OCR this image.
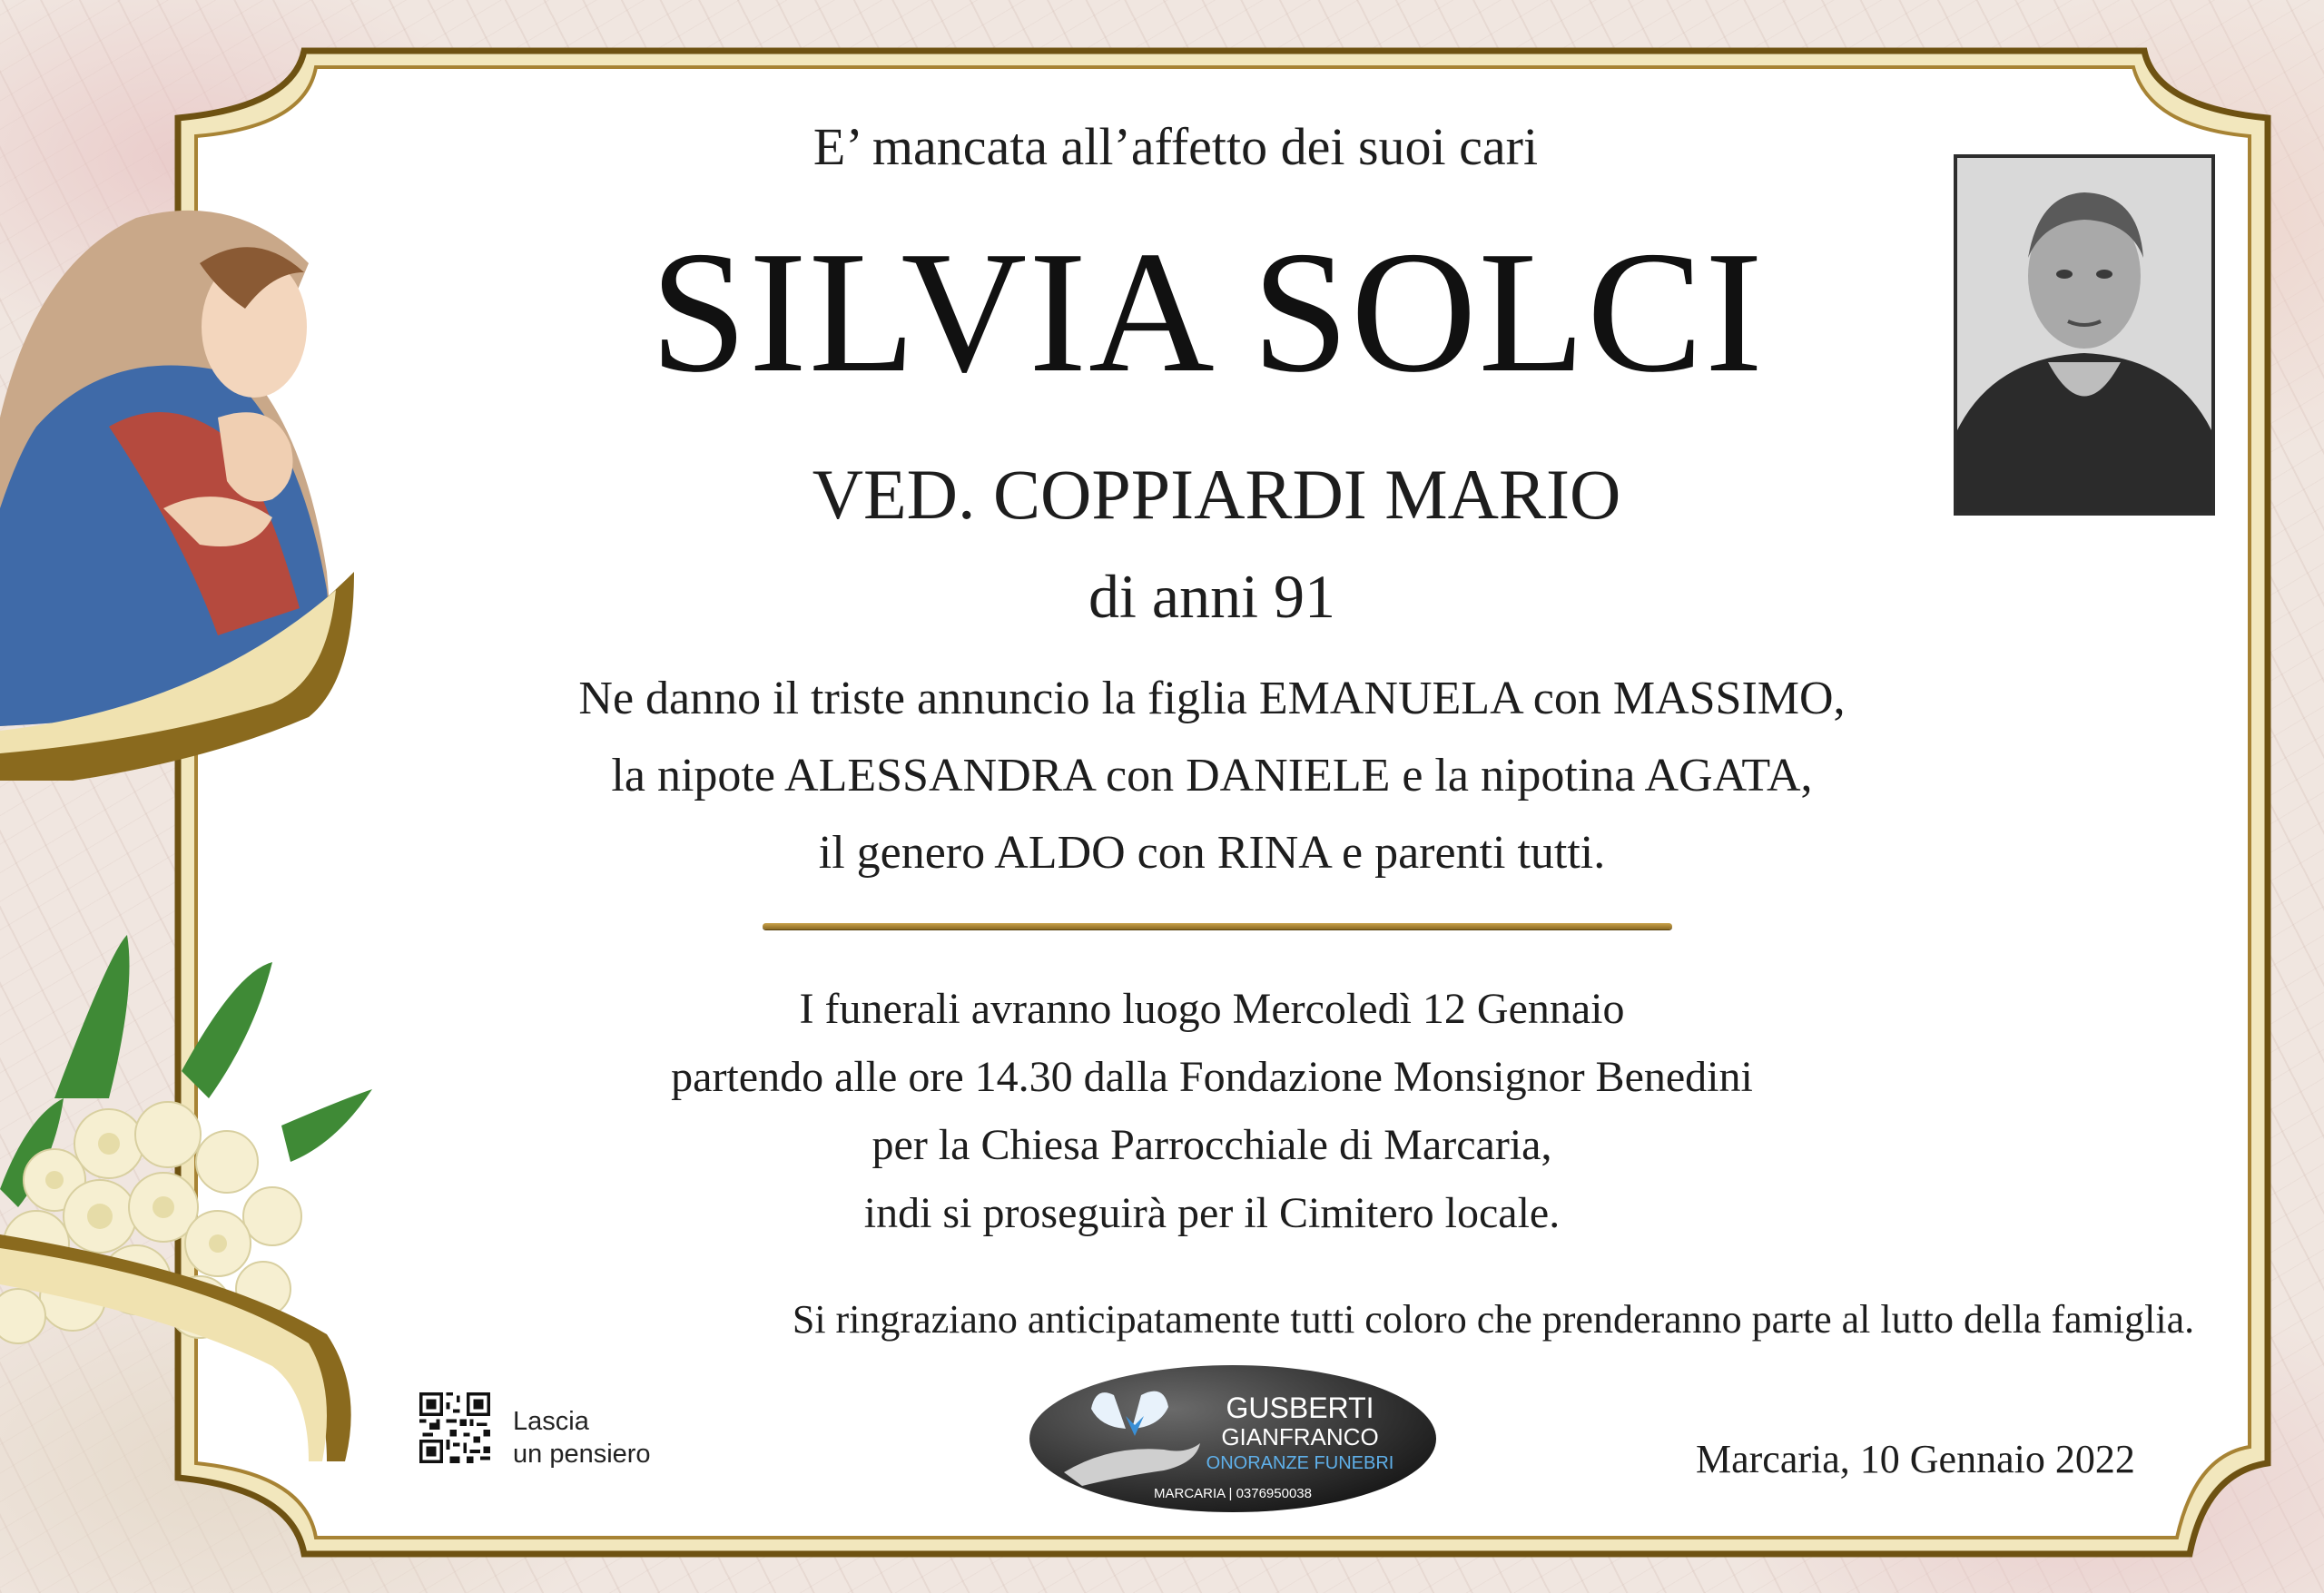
E’ mancata all’affetto dei suoi cari
SILVIA SOLCI
VED. COPPIARDI MARIO
di anni 91
Ne danno il triste annuncio la figlia EMANUELA con MASSIMO,
la nipote ALESSANDRA con DANIELE e la nipotina AGATA,
il genero ALDO con RINA e parenti tutti.
I funerali avranno luogo Mercoledì 12 Gennaio
partendo alle ore 14.30 dalla Fondazione Monsignor Benedini
per la Chiesa Parrocchiale di Marcaria,
indi si proseguirà per il Cimitero locale.
Si ringraziano anticipatamente tutti coloro che prenderanno parte al lutto della famiglia.
Lascia
un pensiero
GUSBERTI
GIANFRANCO
ONORANZE FUNEBRI
MARCARIA | 0376950038
Marcaria, 10 Gennaio 2022
